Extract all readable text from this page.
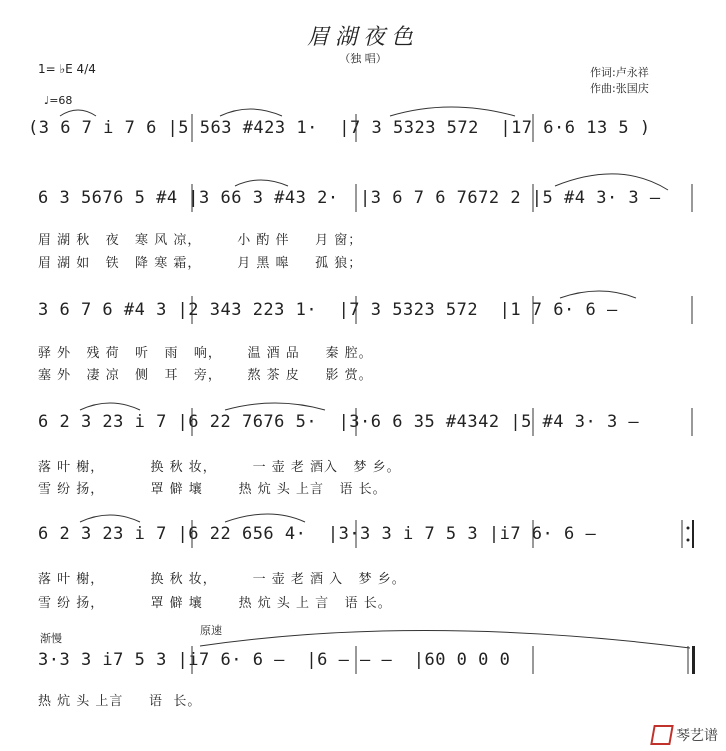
眉湖夜色
（独 唱）
作词:卢永祥
作曲:张国庆
1= ♭E 4/4
♩=68
(3 6 7 i 7 6 |5 563 #423 1·  |7 3 5323 572  |17 6·6 13 5 )
6 3 5676 5 #4 |3 66 3 #43 2·  |3 6 7 6 7672 2 |5 #4 3· 3 –
眉 湖 秋   夜   寒 风 凉，       小 酌 伴     月 窗；
眉 湖 如   铁   降 寒 霜，       月 黑 嗥     孤 狼；
3 6 7 6 #4 3 |2 343 223 1·  |7 3 5323 572  |1 7 6· 6 –
驿 外   残 荷   听   雨   响，     温 酒 品     秦 腔。
塞 外   凄 凉   侧   耳   旁，     熬 茶 皮     影 赏。
6 2 3 23 i 7 |6 22 7676 5·  |3·6 6 35 #4342 |5 #4 3· 3 –
落 叶 榭，         换 秋 妆，       一 壶 老 酒入   梦 乡。
雪 纷 扬，         罩 僻 壤       热 炕 头 上言   语 长。
6 2 3 23 i 7 |6 22 656 4·  |3·3 3 i 7 5 3 |i7 6· 6 –
落 叶 榭，         换 秋 妆，       一 壶 老 酒 入   梦 乡。
雪 纷 扬，         罩 僻 壤       热 炕 头 上 言   语 长。
渐慢
原速
3·3 3 i7 5 3 |i7 6· 6 –  |6 – – –  |60 0 0 0
热 炕 头 上言     语  长。
琴艺谱
